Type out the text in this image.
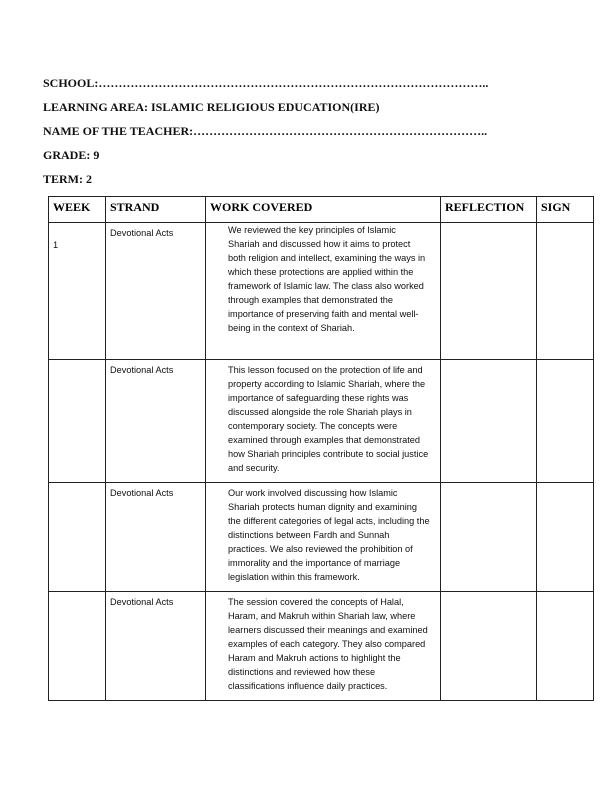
SCHOOL:……………………………………………………………………………………..
LEARNING AREA: ISLAMIC RELIGIOUS EDUCATION(IRE)
NAME OF THE TEACHER:………………………………………………………………..
GRADE: 9
TERM: 2
WEEK	STRAND	WORK COVERED	REFLECTION	SIGN
1	Devotional Acts	We reviewed the key principles of Islamic Shariah and discussed how it aims to protect both religion and intellect, examining the ways in which these protections are applied within the framework of Islamic law. The class also worked through examples that demonstrated the importance of preserving faith and mental well-being in the context of Shariah.		
	Devotional Acts	This lesson focused on the protection of life and property according to Islamic Shariah, where the importance of safeguarding these rights was discussed alongside the role Shariah plays in contemporary society. The concepts were examined through examples that demonstrated how Shariah principles contribute to social justice and security.		
	Devotional Acts	Our work involved discussing how Islamic Shariah protects human dignity and examining the different categories of legal acts, including the distinctions between Fardh and Sunnah practices. We also reviewed the prohibition of immorality and the importance of marriage legislation within this framework.		
	Devotional Acts	The session covered the concepts of Halal, Haram, and Makruh within Shariah law, where learners discussed their meanings and examined examples of each category. They also compared Haram and Makruh actions to highlight the distinctions and reviewed how these classifications influence daily practices.		
